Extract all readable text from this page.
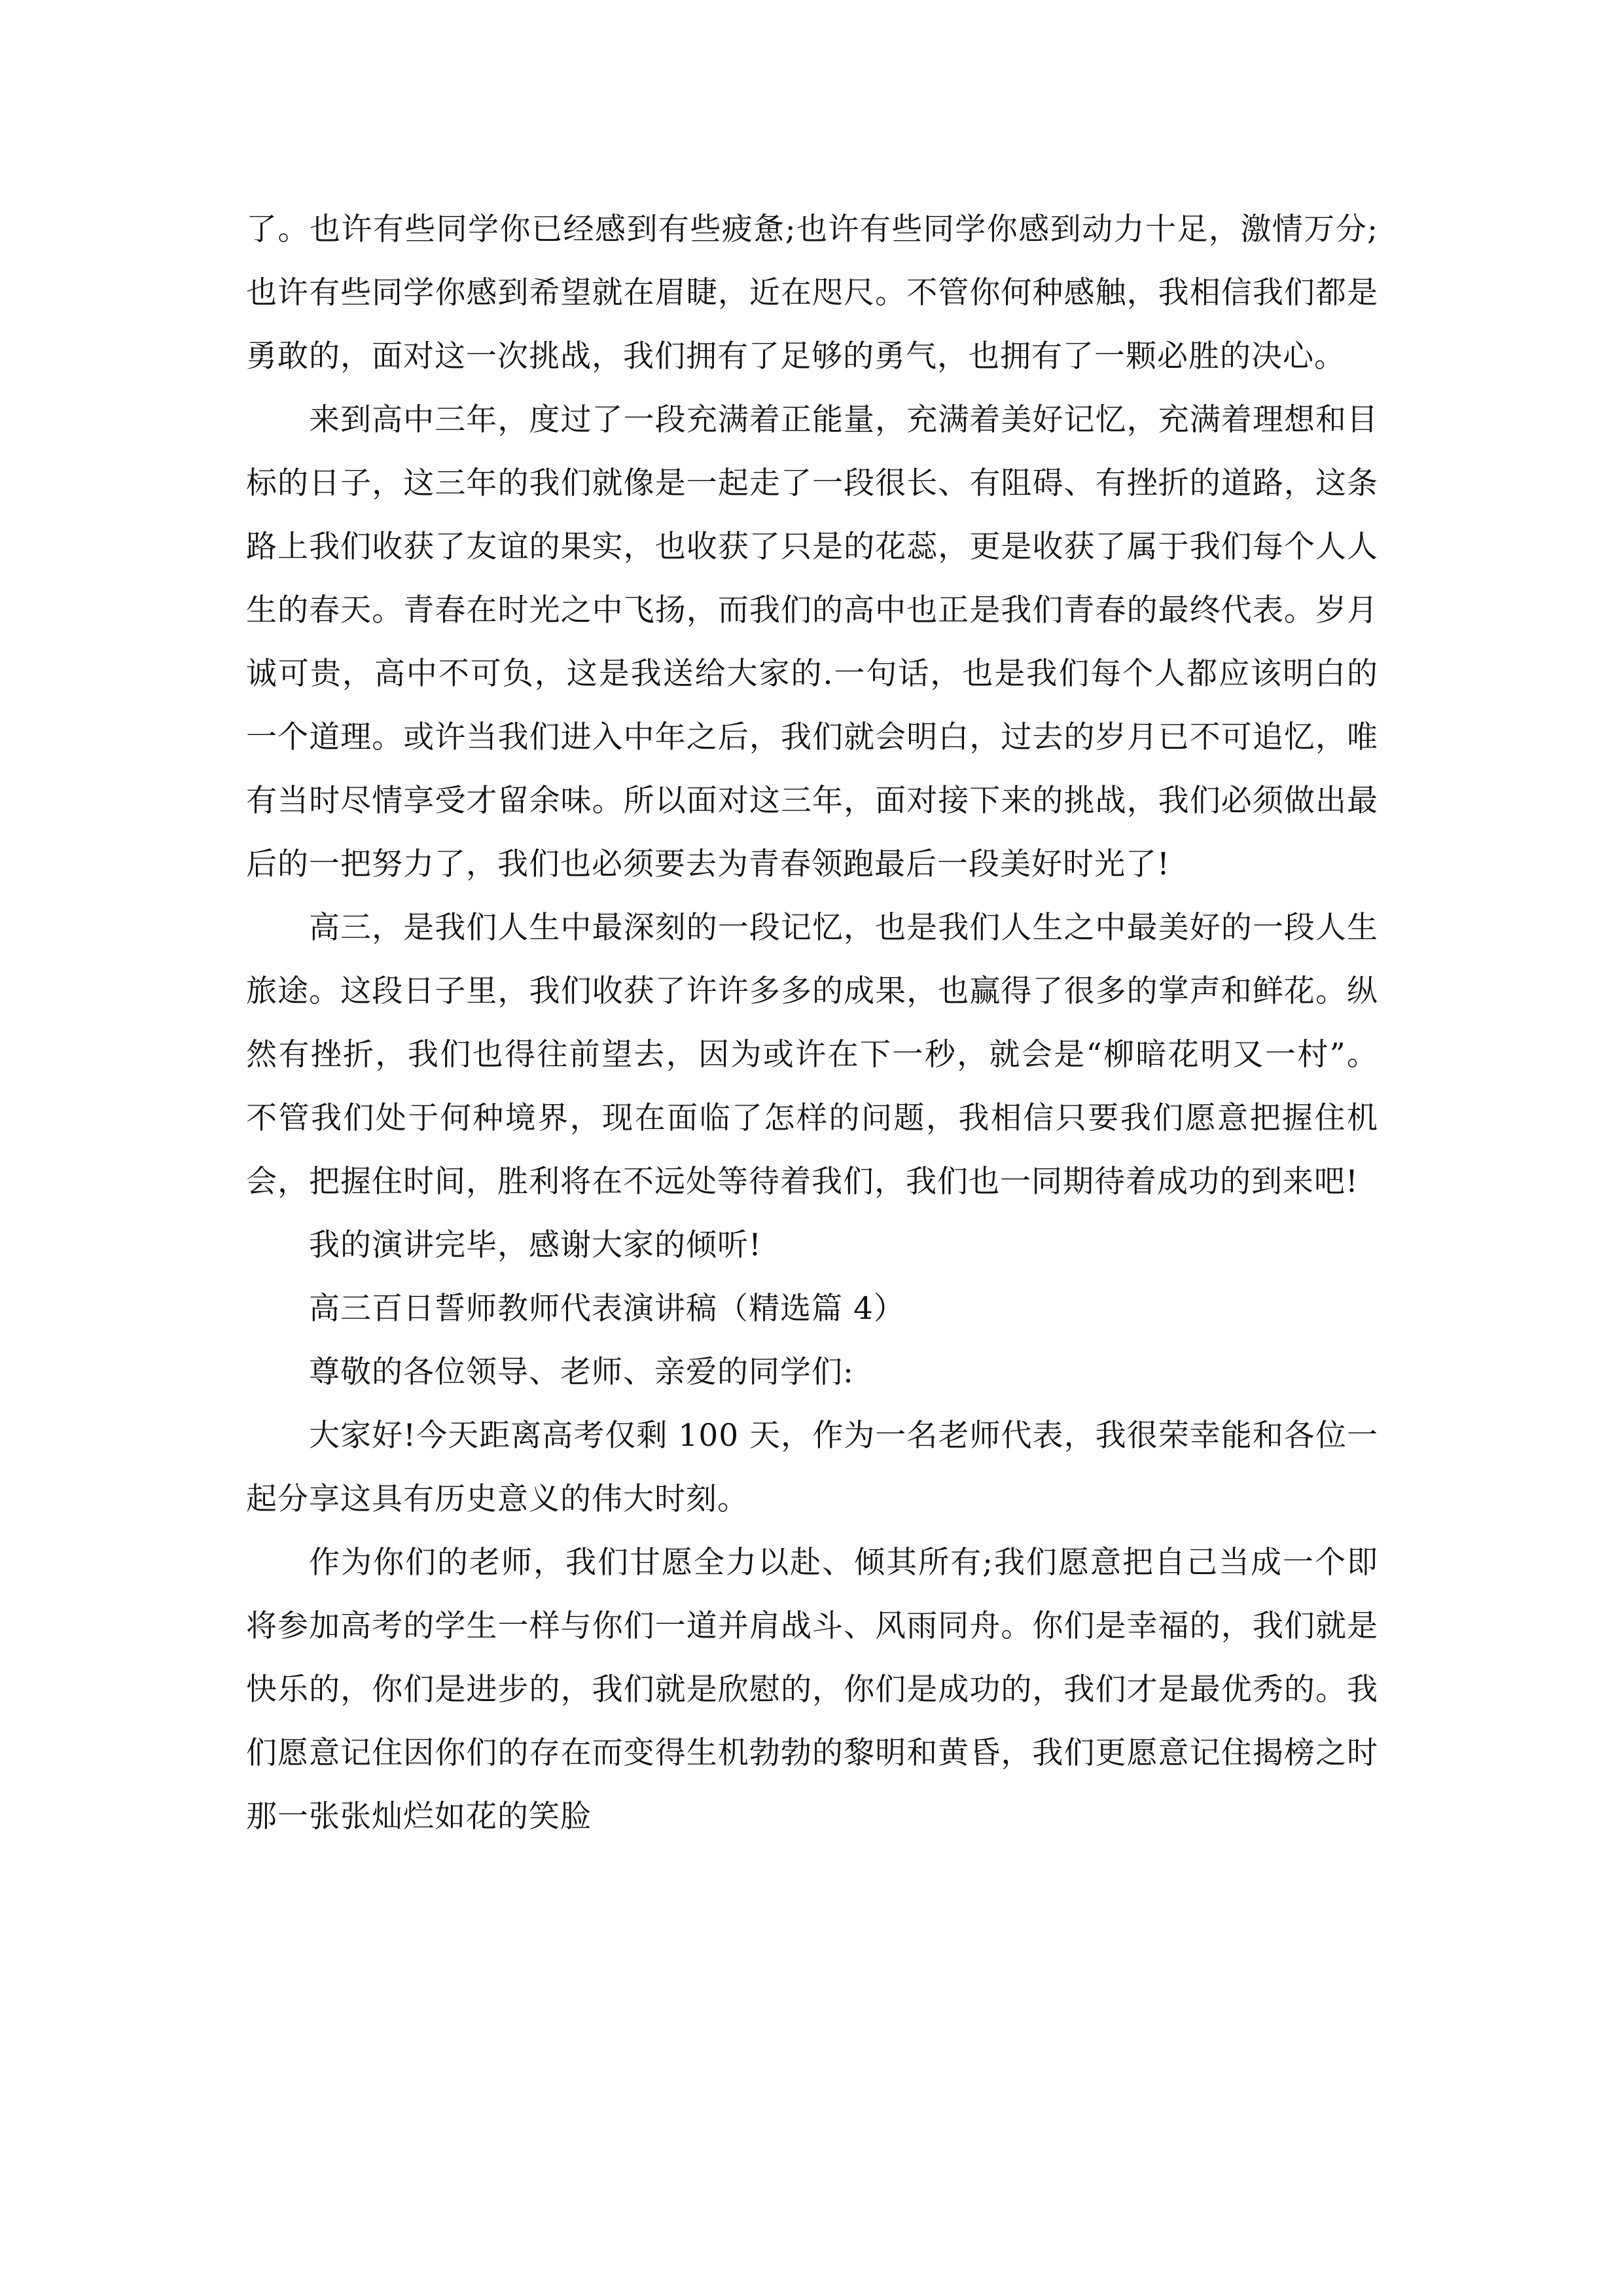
了。也许有些同学你已经感到有些疲惫;也许有些同学你感到动力十足，激情万分;也许有些同学你感到希望就在眉睫，近在咫尺。不管你何种感触，我相信我们都是勇敢的，面对这一次挑战，我们拥有了足够的勇气，也拥有了一颗必胜的决心。

来到高中三年，度过了一段充满着正能量，充满着美好记忆，充满着理想和目标的日子，这三年的我们就像是一起走了一段很长、有阻碍、有挫折的道路，这条路上我们收获了友谊的果实，也收获了只是的花蕊，更是收获了属于我们每个人人生的春天。青春在时光之中飞扬，而我们的高中也正是我们青春的最终代表。岁月诚可贵，高中不可负，这是我送给大家的.一句话，也是我们每个人都应该明白的一个道理。或许当我们进入中年之后，我们就会明白，过去的岁月已不可追忆，唯有当时尽情享受才留余味。所以面对这三年，面对接下来的挑战，我们必须做出最后的一把努力了，我们也必须要去为青春领跑最后一段美好时光了!

高三，是我们人生中最深刻的一段记忆，也是我们人生之中最美好的一段人生旅途。这段日子里，我们收获了许许多多的成果，也赢得了很多的掌声和鲜花。纵然有挫折，我们也得往前望去，因为或许在下一秒，就会是“柳暗花明又一村”。不管我们处于何种境界，现在面临了怎样的问题，我相信只要我们愿意把握住机会，把握住时间，胜利将在不远处等待着我们，我们也一同期待着成功的到来吧!

我的演讲完毕，感谢大家的倾听!

高三百日誓师教师代表演讲稿（精选篇 4）

尊敬的各位领导、老师、亲爱的同学们:

大家好!今天距离高考仅剩 100 天，作为一名老师代表，我很荣幸能和各位一起分享这具有历史意义的伟大时刻。

作为你们的老师，我们甘愿全力以赴、倾其所有;我们愿意把自己当成一个即将参加高考的学生一样与你们一道并肩战斗、风雨同舟。你们是幸福的，我们就是快乐的，你们是进步的，我们就是欣慰的，你们是成功的，我们才是最优秀的。我们愿意记住因你们的存在而变得生机勃勃的黎明和黄昏，我们更愿意记住揭榜之时那一张张灿烂如花的笑脸
